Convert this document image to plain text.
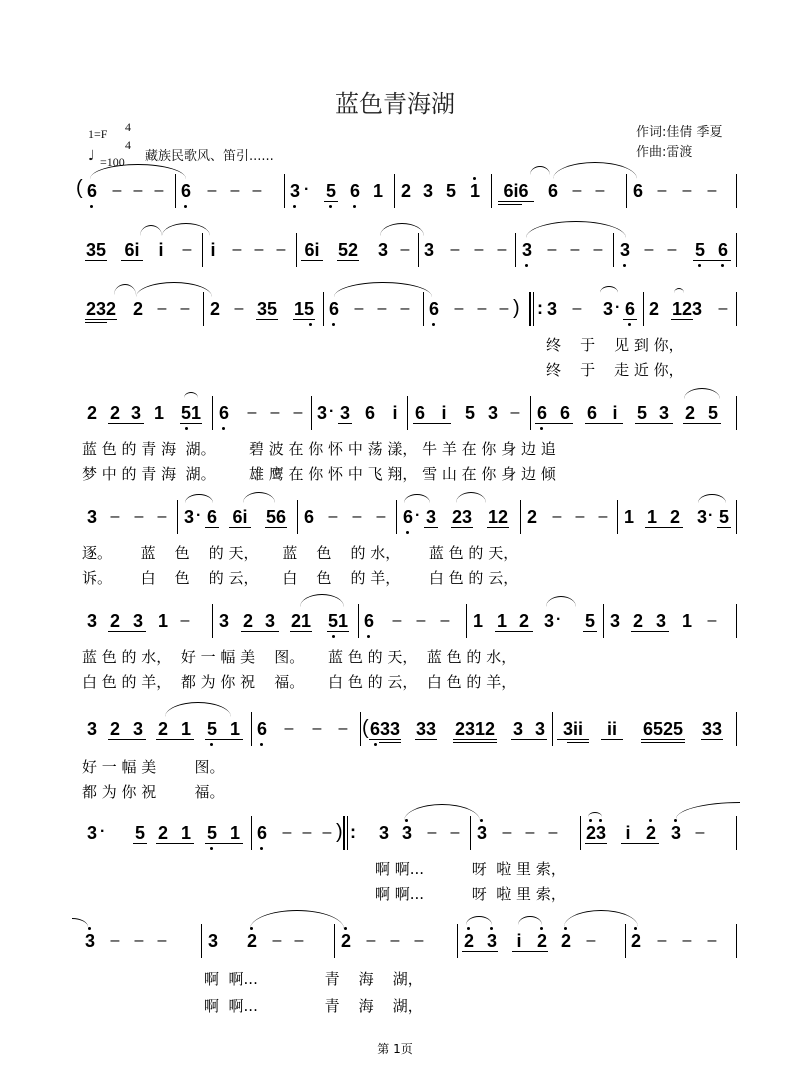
蓝色青海湖
1=F 4
4
♩ =100 藏族民歌风、笛引......
作词:佳倩 季夏
作曲:雷渡
( 6 – – – 6 – – – 3 · 5 6 1 2 3 5 1	6i6	6 – – 6 – – –
35 6i	i	–	i	– – – 6i 52 3 – 3 – – – 3 – – – 3 – – 5 6
232 2 – – 2 – 35 15 6 – – – 6 – – – ) : 3 – 3 · 6 2 123 –
终    于    见 到 你，
终    于    走 近 你，
2 2 3 1 51 6 – – – 3 · 3 6 i 6 i	5 3 – 6 6 6 i	5 3 2 5
蓝 色 的 青 海  湖。       碧 波 在 你 怀 中 荡 漾， 牛 羊 在 你 身 边 追
梦 中 的 青 海  湖。       雄 鹰 在 你 怀 中 飞 翔， 雪 山 在 你 身 边 倾
3 – – – 3 · 6 6i 56 6 – – – 6 · 3 23 12 2 – – – 1 1 2 3 · 5
逐。      蓝    色    的 天，     蓝    色    的 水，      蓝 色 的 天，
诉。      白    色    的 云，     白    色    的 羊，      白 色 的 云，
3 2 3 1 – 3 2 3 21 51 6 – – – 1 1 2 3 · 5 3 2 3 1 –
蓝 色 的 水，  好 一 幅 美    图。     蓝 色 的 天，  蓝 色 的 水，
白 色 的 羊，  都 为 你 祝    福。     白 色 的 云，  白 色 的 羊，
3 2 3 2 1 5 1 6 – – – ( 633 33 2312 3 3 3ii	ii	6525 33
好 一 幅 美        图。
都 为 你 祝        福。
3 · 5 2 1 5 1 6 – – – ) : 3 3 – – 3 – – – 23	i 2 3 –
啊 啊...          呀  啦 里 索，
啊 啊...          呀  啦 里 索，
3 – – – 3 2 – – 2 – – – 2 3	i 2 2 – 2 – – –
啊  啊...              青    海    湖，
啊  啊...              青    海    湖，
第 1页
